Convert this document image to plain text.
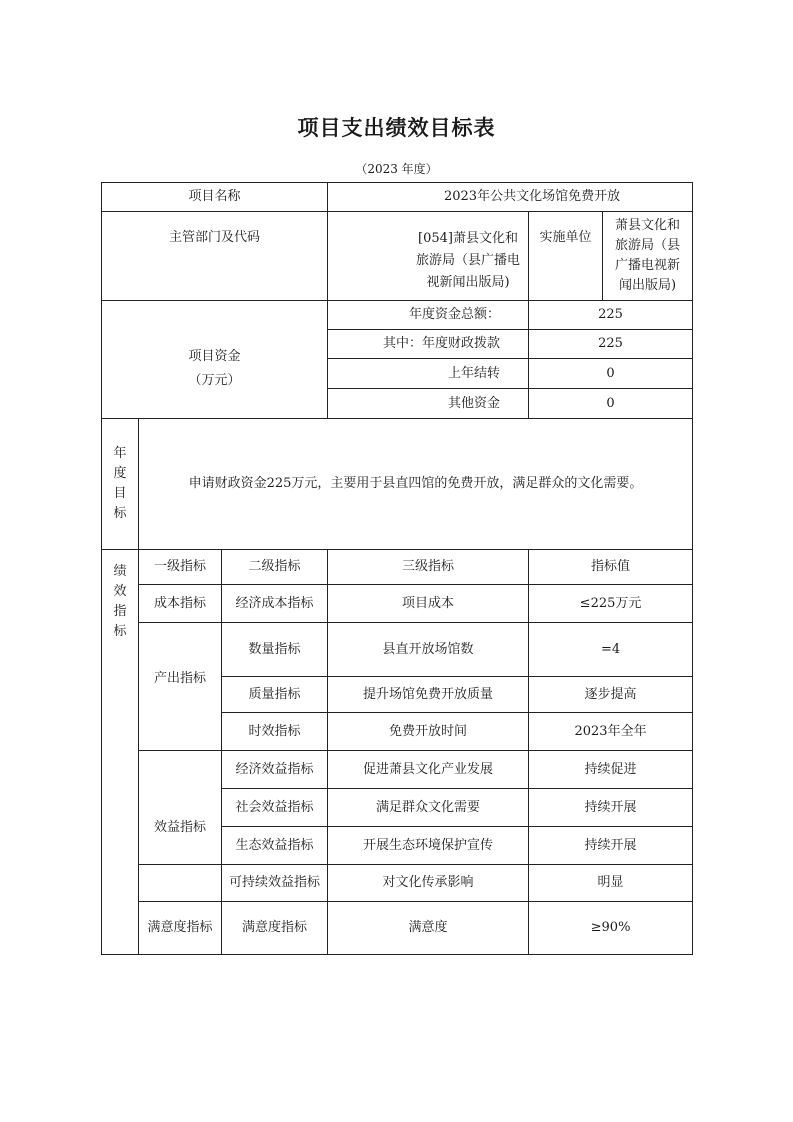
项目支出绩效目标表
（2023 年度）
项目名称			2023年公共文化场馆免费开放		
主管部门及代码			[054]萧县文化和旅游局（县广播电视新闻出版局)	实施单位	萧县文化和旅游局（县广播电视新闻出版局)

项目资金
（万元）			年度资金总额：	225	
			其中：年度财政拨款	225	
			上年结转	0	
			其他资金	0	

年度目标	申请财政资金225万元，主要用于县直四馆的免费开放，满足群众的文化需要。				

绩效指标	一级指标	二级指标	三级指标	指标值	
	成本指标	经济成本指标	项目成本	≤225万元	
	产出指标	数量指标	县直开放场馆数	=4	
		质量指标	提升场馆免费开放质量	逐步提高	
		时效指标	免费开放时间	2023年全年	
	效益指标	经济效益指标	促进萧县文化产业发展	持续促进	
		社会效益指标	满足群众文化需要	持续开展	
		生态效益指标	开展生态环境保护宣传	持续开展	
		可持续效益指标	对文化传承影响	明显	
	满意度指标	满意度指标	满意度	≥90%	
